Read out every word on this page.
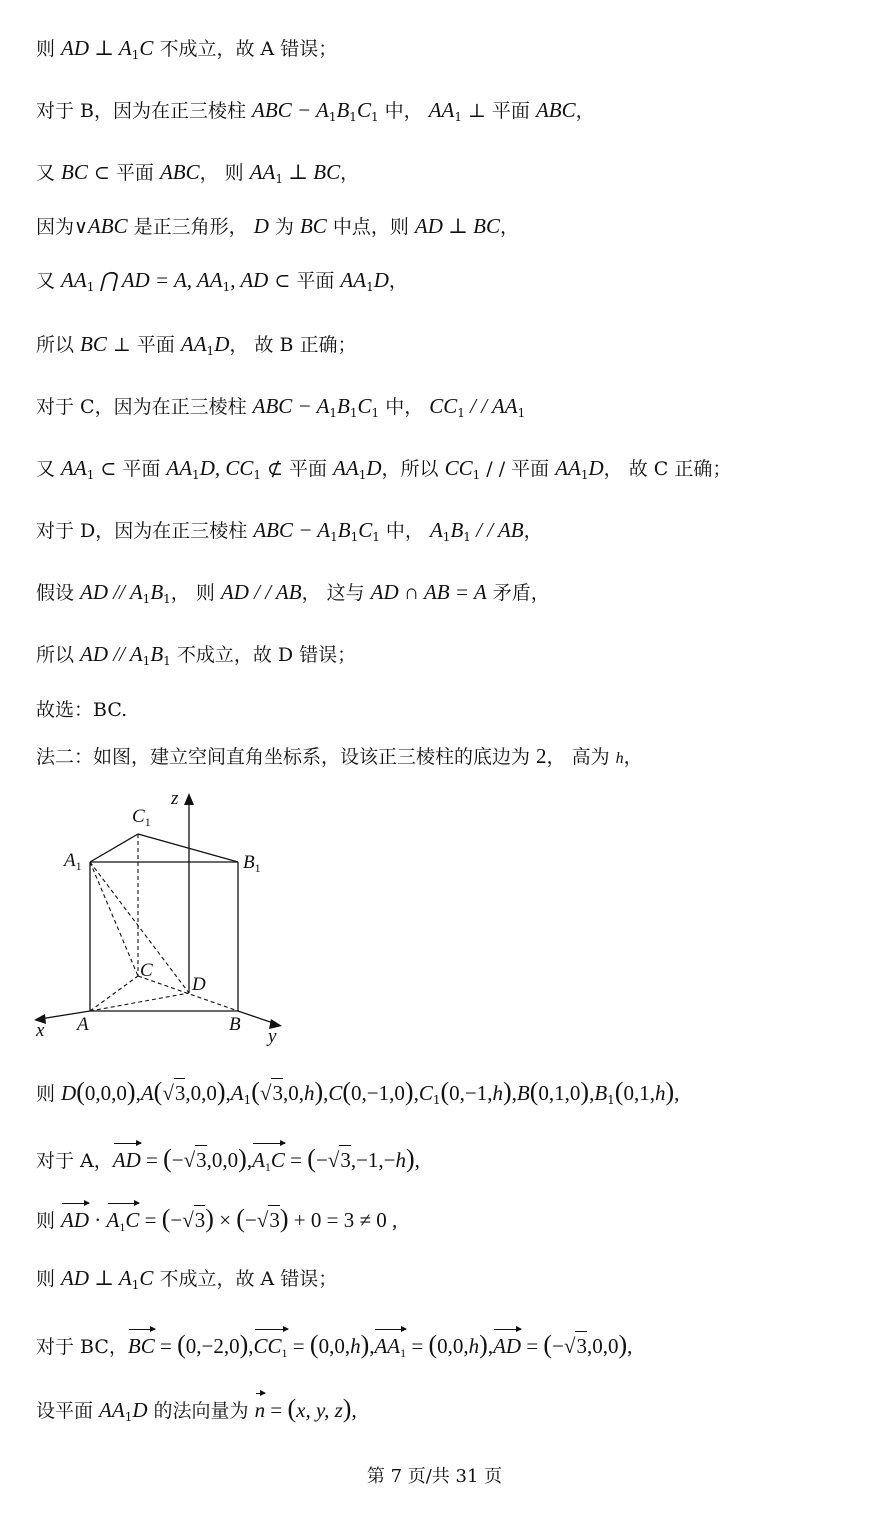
则 AD ⊥ $A_1C$ 不成立，故 A 错误；
对于 B，因为在正三棱柱 ABC − $A_1B_1C_1$ 中， $AA_1$ ⊥ 平面 ABC，
又 BC ⊂ 平面 ABC， 则 $AA_1$ ⊥ BC，
因为∨ABC 是正三角形， D 为 BC 中点，则 AD ⊥ BC，
又 $AA_1$ ⋂ AD = A, $AA_1$, AD ⊂ 平面 $AA_1D$，
所以 BC ⊥ 平面 $AA_1D$， 故 B 正确；
对于 C，因为在正三棱柱 ABC − $A_1B_1C_1$ 中， $CC_1$ / / $AA_1$
又 $AA_1$ ⊂ 平面 $AA_1D$, $CC_1$ ⊄ 平面 $AA_1D$，所以 $CC_1$ / / 平面 $AA_1D$， 故 C 正确；
对于 D，因为在正三棱柱 ABC − $A_1B_1C_1$ 中， $A_1B_1$ / / AB，
假设 AD // $A_1B_1$， 则 AD / / AB， 这与 AD ∩ AB = A 矛盾，
所以 AD // $A_1B_1$ 不成立，故 D 错误；
故选：BC.
法二：如图，建立空间直角坐标系，设该正三棱柱的底边为 2， 高为 h，
z
x	y
$C_1$
$A_1$	$B_1$
C
D
A	B
则 $D(0,0,0),A(√3,0,0),A_1(√3,0,h),C(0,-1,0),C_1(0,-1,h),B(0,1,0),B_1(0,1,h)$,
对于 A，AD = $(-√3,0,0),A_1C = (-√3,-1,-h)$,
则 AD · $A_1C = (-√3) \times (-√3) + 0 = 3 \ne 0$ ,
则 AD ⊥ $A_1C$ 不成立，故 A 错误；
对于 BC，BC = $(0,-2,0),CC_1 = (0,0,h),AA_1 = (0,0,h),AD = (-√3,0,0)$,
设平面 $AA_1D$ 的法向量为 n = (x, y, z),
第 7 页/共 31 页
